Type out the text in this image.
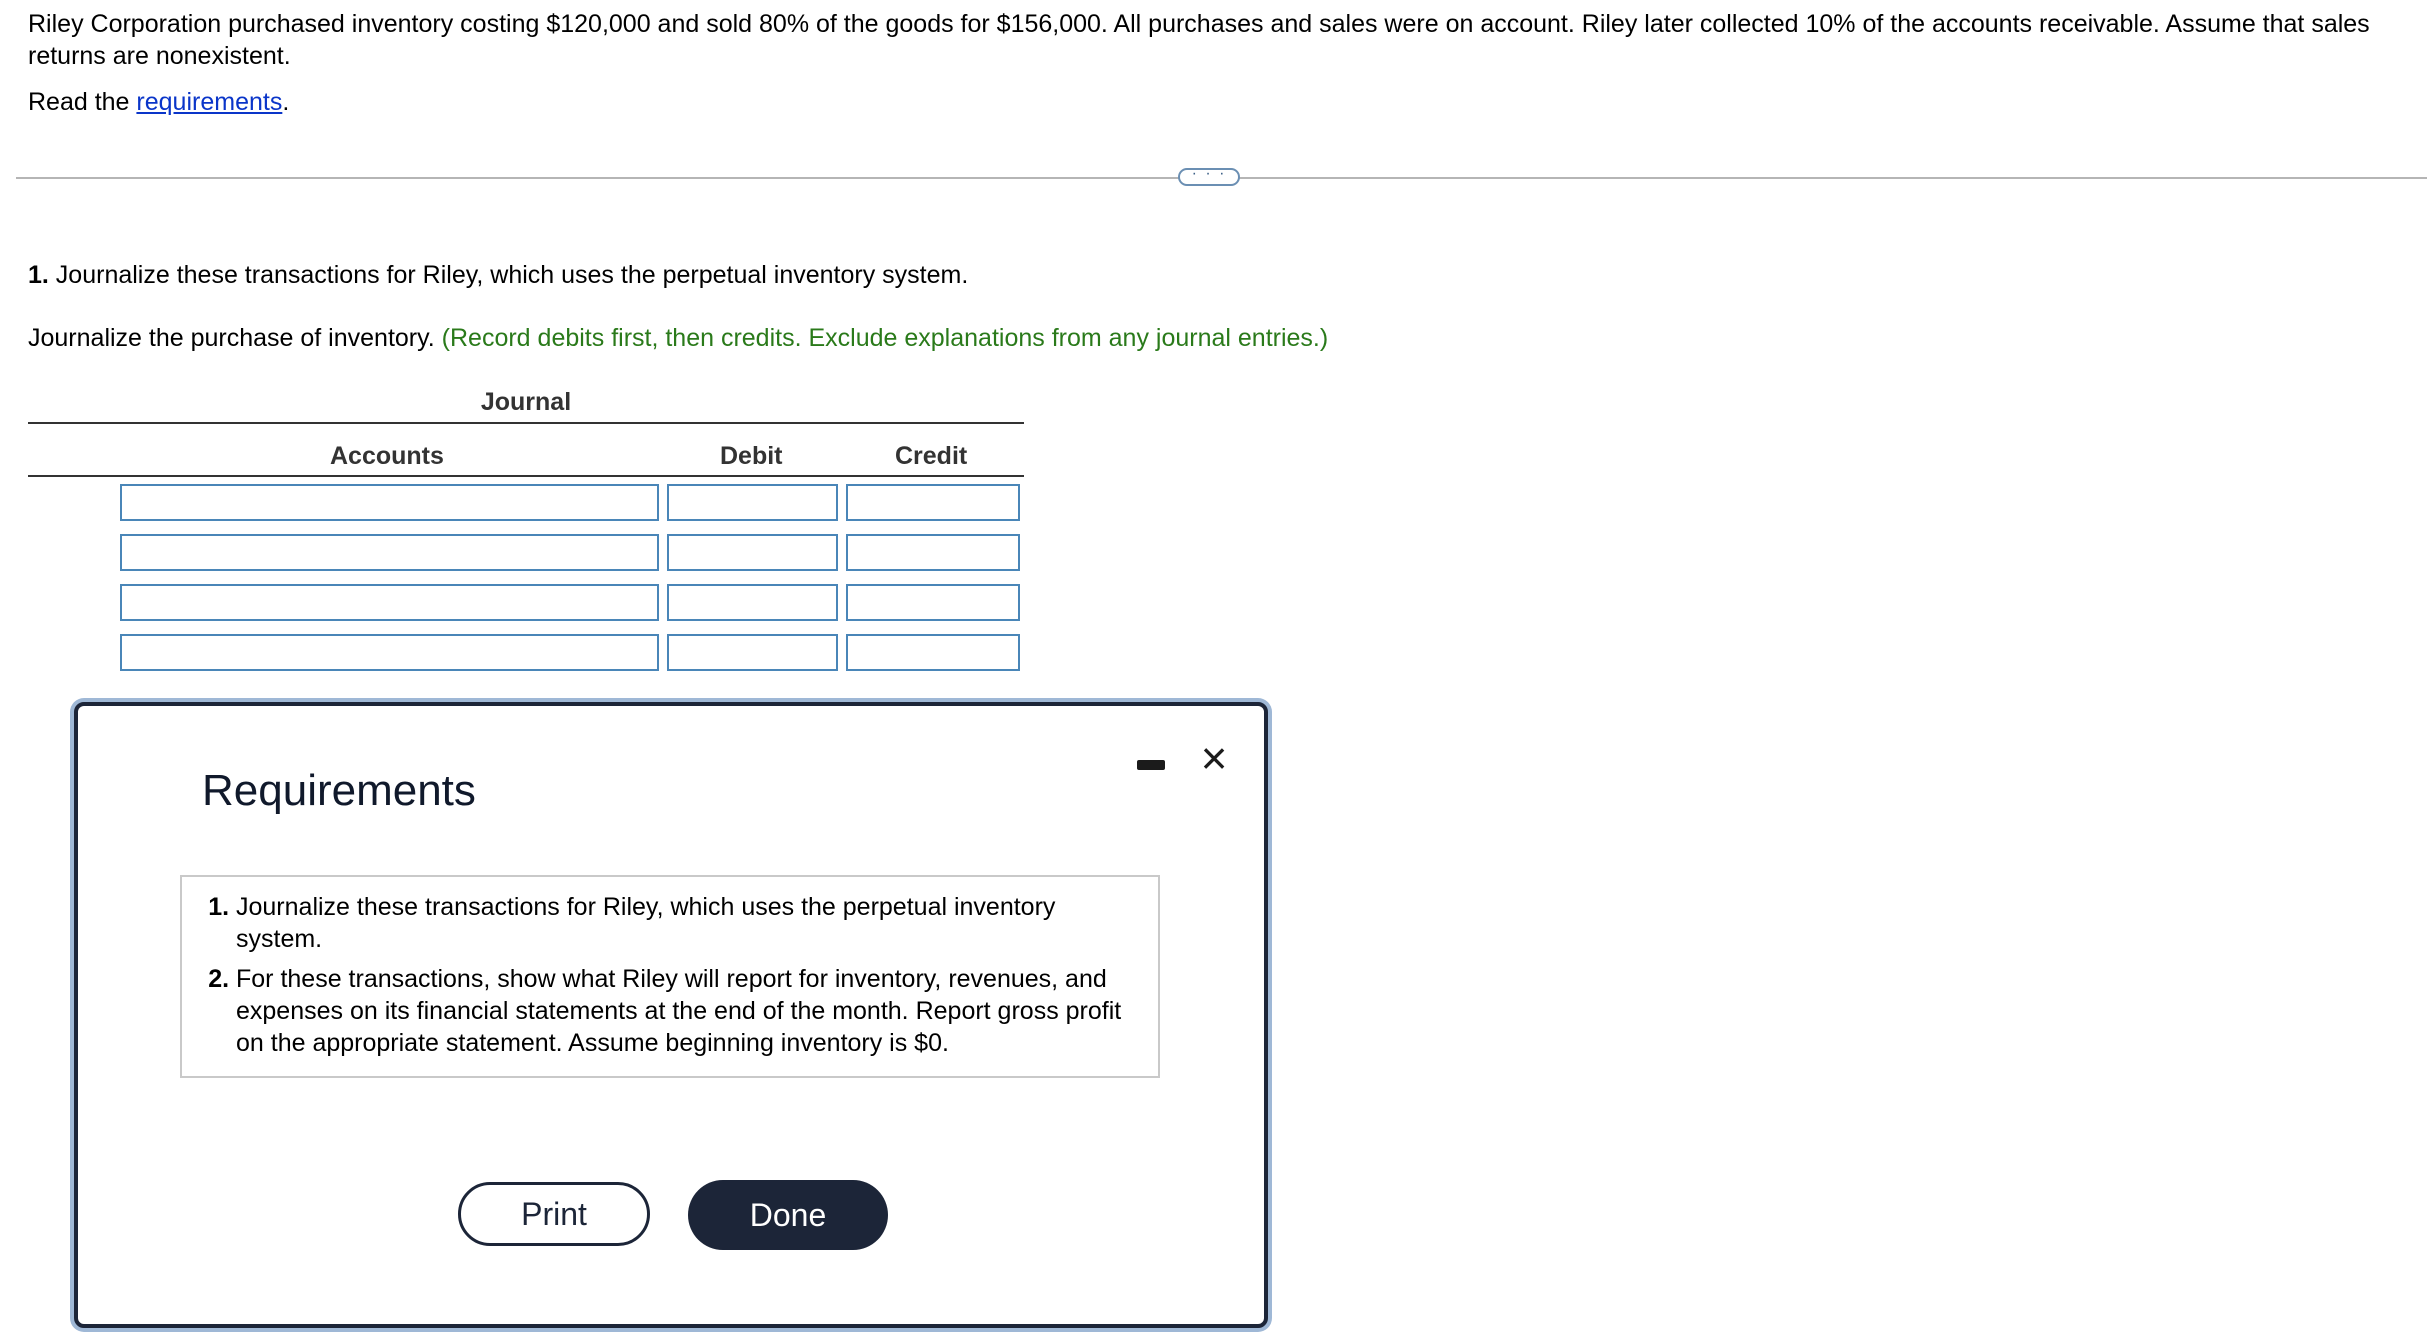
Riley Corporation purchased inventory costing $120,000 and sold 80% of the goods for $156,000. All purchases and sales were on account. Riley later collected 10% of the accounts receivable. Assume that sales returns are nonexistent.
Read the requirements.
· · ·
1. Journalize these transactions for Riley, which uses the perpetual inventory system.
Journalize the purchase of inventory. (Record debits first, then credits. Exclude explanations from any journal entries.)
Journal
Accounts	Debit	Credit
Requirements
×
1. Journalize these transactions for Riley, which uses the perpetual inventory system.
2. For these transactions, show what Riley will report for inventory, revenues, and expenses on its financial statements at the end of the month. Report gross profit on the appropriate statement. Assume beginning inventory is $0.
Print	Done
